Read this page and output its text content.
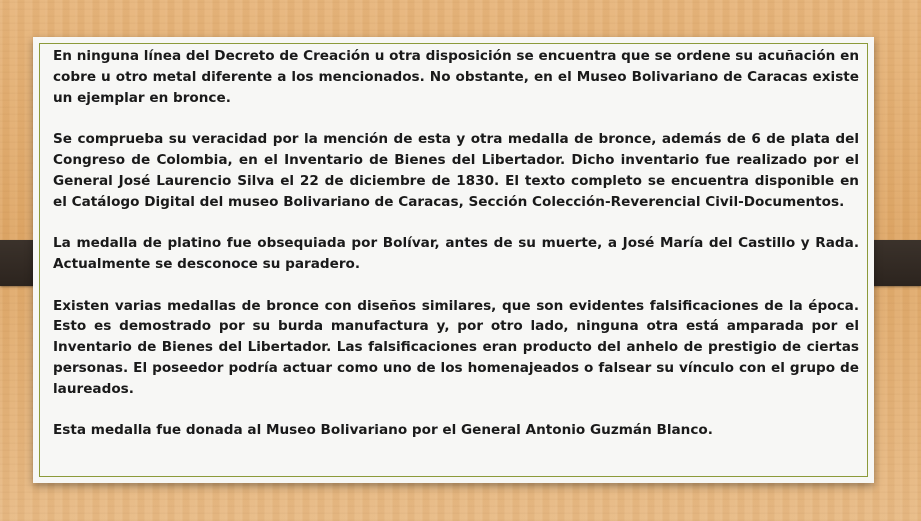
En ninguna línea del Decreto de Creación u otra disposición se encuentra que se ordene su acuñación en cobre u otro metal diferente a los mencionados. No obstante, en el Museo Bolivariano de Caracas existe un ejemplar en bronce.

Se comprueba su veracidad por la mención de esta y otra medalla de bronce, además de 6 de plata del Congreso de Colombia, en el Inventario de Bienes del Libertador. Dicho inventario fue realizado por el General José Laurencio Silva el 22 de diciembre de 1830. El texto completo se encuentra disponible en el Catálogo Digital del museo Bolivariano de Caracas, Sección Colección-Reverencial Civil-Documentos.

La medalla de platino fue obsequiada por Bolívar, antes de su muerte, a José María del Castillo y Rada. Actualmente se desconoce su paradero.

Existen varias medallas de bronce con diseños similares, que son evidentes falsificaciones de la época. Esto es demostrado por su burda manufactura y, por otro lado, ninguna otra está amparada por el Inventario de Bienes del Libertador. Las falsificaciones eran producto del anhelo de prestigio de ciertas personas. El poseedor podría actuar como uno de los homenajeados o falsear su vínculo con el grupo de laureados.

Esta medalla fue donada al Museo Bolivariano por el General Antonio Guzmán Blanco.
